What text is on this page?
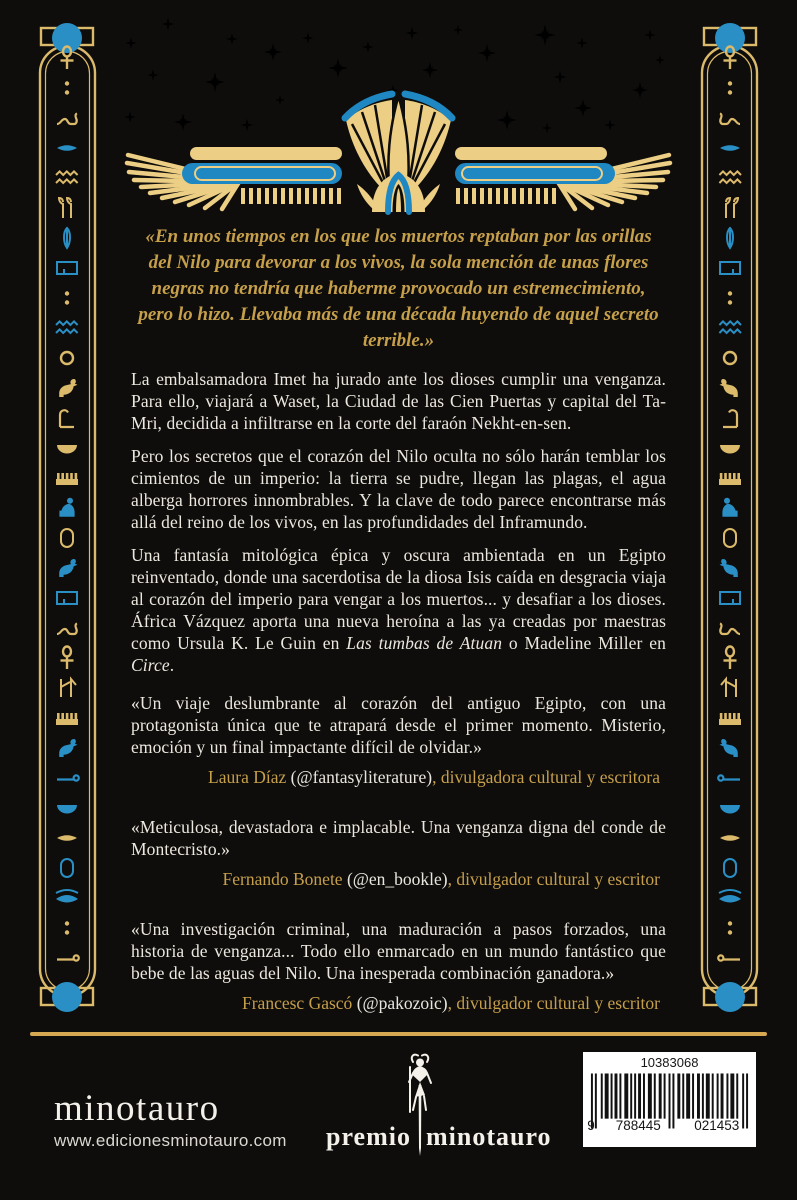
«En unos tiempos en los que los muertos reptaban por las orillas del Nilo para devorar a los vivos, la sola mención de unas flores negras no tendría que haberme provocado un estremecimiento, pero lo hizo. Llevaba más de una década huyendo de aquel secreto terrible.»

La embalsamadora Imet ha jurado ante los dioses cumplir una venganza. Para ello, viajará a Waset, la Ciudad de las Cien Puertas y capital del Ta-Mri, decidida a infiltrarse en la corte del faraón Nekht-en-sen.

Pero los secretos que el corazón del Nilo oculta no sólo harán temblar los cimientos de un imperio: la tierra se pudre, llegan las plagas, el agua alberga horrores innombrables. Y la clave de todo parece encontrarse más allá del reino de los vivos, en las profundidades del Inframundo.

Una fantasía mitológica épica y oscura ambientada en un Egipto reinventado, donde una sacerdotisa de la diosa Isis caída en desgracia viaja al corazón del imperio para vengar a los muertos... y desafiar a los dioses. África Vázquez aporta una nueva heroína a las ya creadas por maestras como Ursula K. Le Guin en Las tumbas de Atuan o Madeline Miller en Circe.

«Un viaje deslumbrante al corazón del antiguo Egipto, con una protagonista única que te atrapará desde el primer momento. Misterio, emoción y un final impactante difícil de olvidar.»

Laura Díaz (@fantasyliterature), divulgadora cultural y escritora

«Meticulosa, devastadora e implacable. Una venganza digna del conde de Montecristo.»

Fernando Bonete (@en_bookle), divulgador cultural y escritor

«Una investigación criminal, una maduración a pasos forzados, una historia de venganza... Todo ello enmarcado en un mundo fantástico que bebe de las aguas del Nilo. Una inesperada combinación ganadora.»

Francesc Gascó (@pakozoic), divulgador cultural y escritor

minotauro
www.edicionesminotauro.com premio minotauro
10383068
9	788445	021453
